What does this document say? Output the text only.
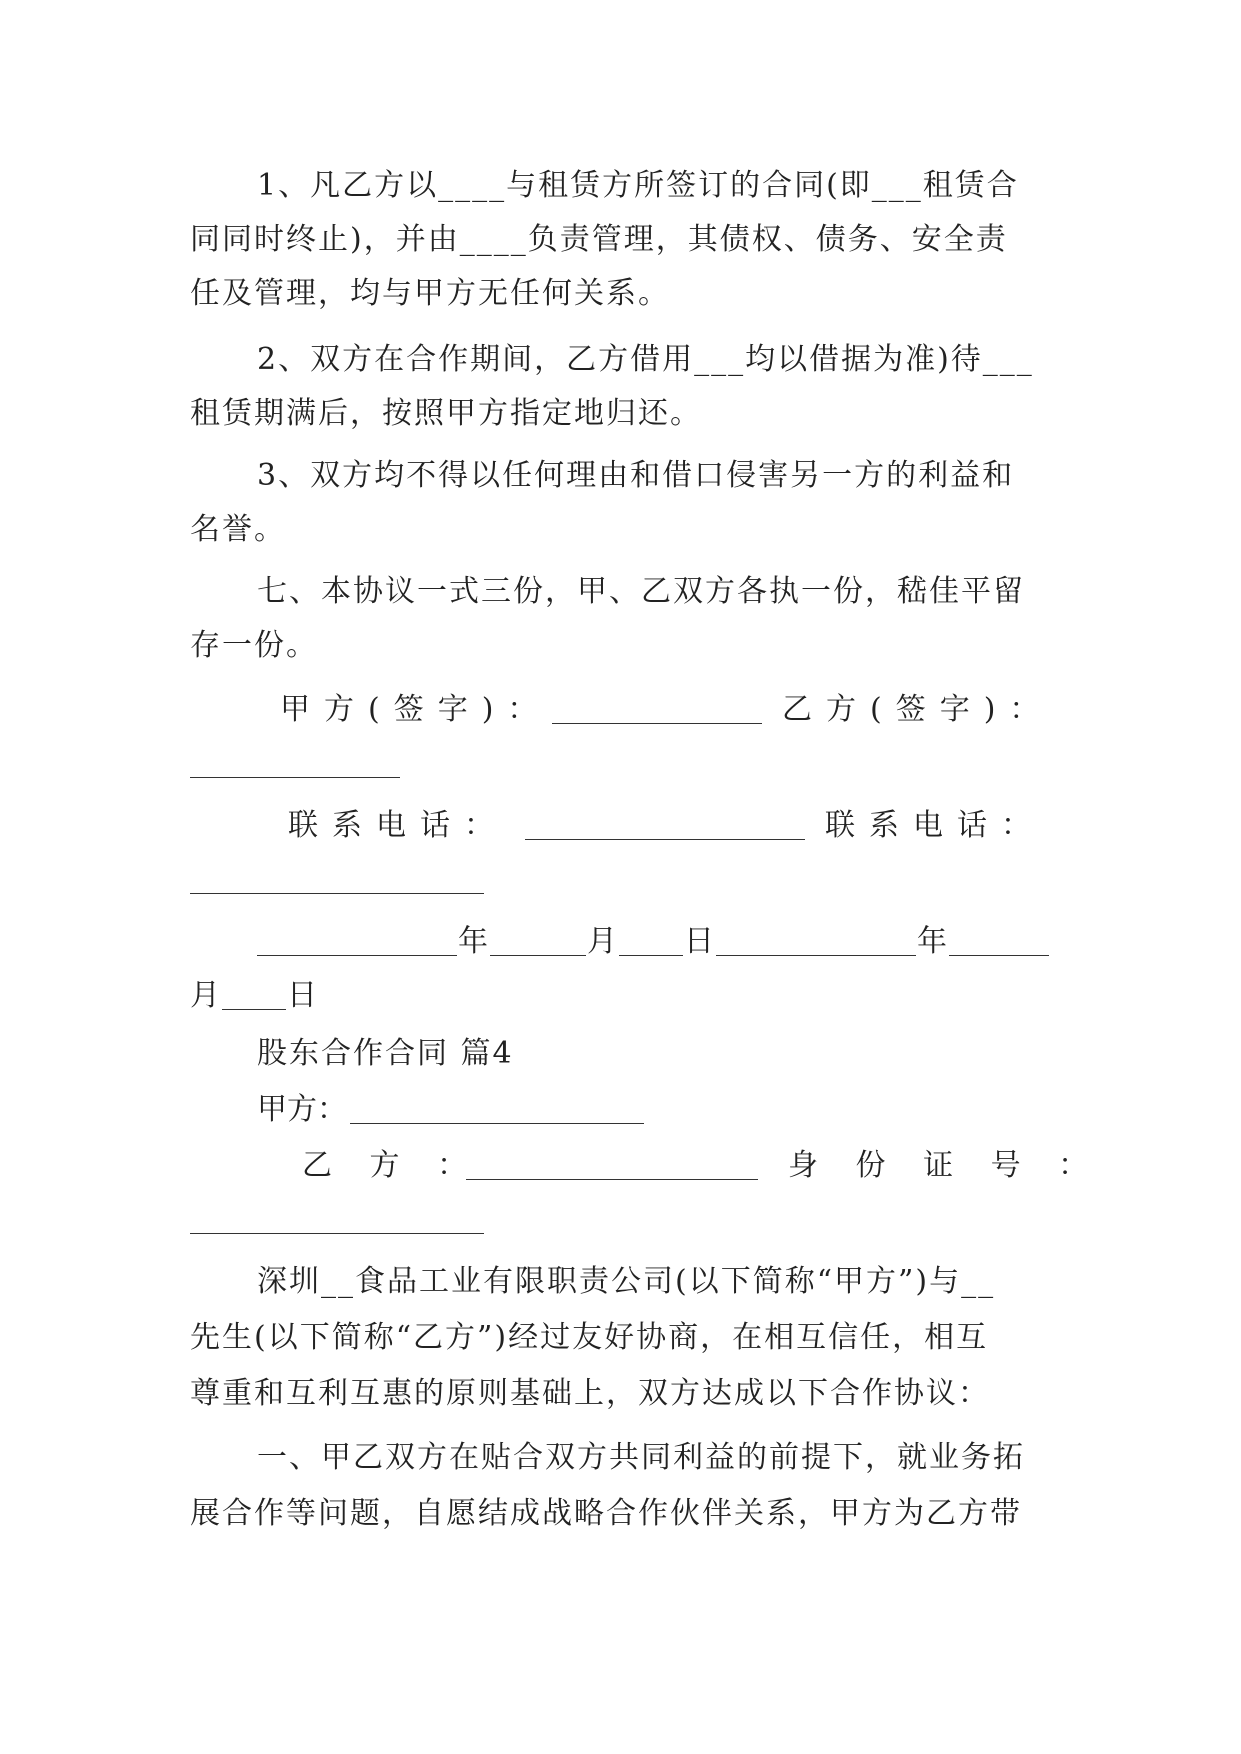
1、凡乙方以____与租赁方所签订的合同(即___租赁合
同同时终止)，并由____负责管理，其债权、债务、安全责
任及管理，均与甲方无任何关系。
2、双方在合作期间，乙方借用___均以借据为准)待___
租赁期满后，按照甲方指定地归还。
3、双方均不得以任何理由和借口侵害另一方的利益和
名誉。
七、本协议一式三份，甲、乙双方各执一份，嵇佳平留
存一份。
甲方(签字)：	乙方(签字)：
联系电话：	联系电话：
年	月 日	年
月 日
股东合作合同 篇4
甲方：
乙 方 ：	身 份 证 号 ：
深圳__食品工业有限职责公司(以下简称“甲方”)与__
先生(以下简称“乙方”)经过友好协商，在相互信任，相互
尊重和互利互惠的原则基础上，双方达成以下合作协议：
一、甲乙双方在贴合双方共同利益的前提下，就业务拓
展合作等问题，自愿结成战略合作伙伴关系，甲方为乙方带
